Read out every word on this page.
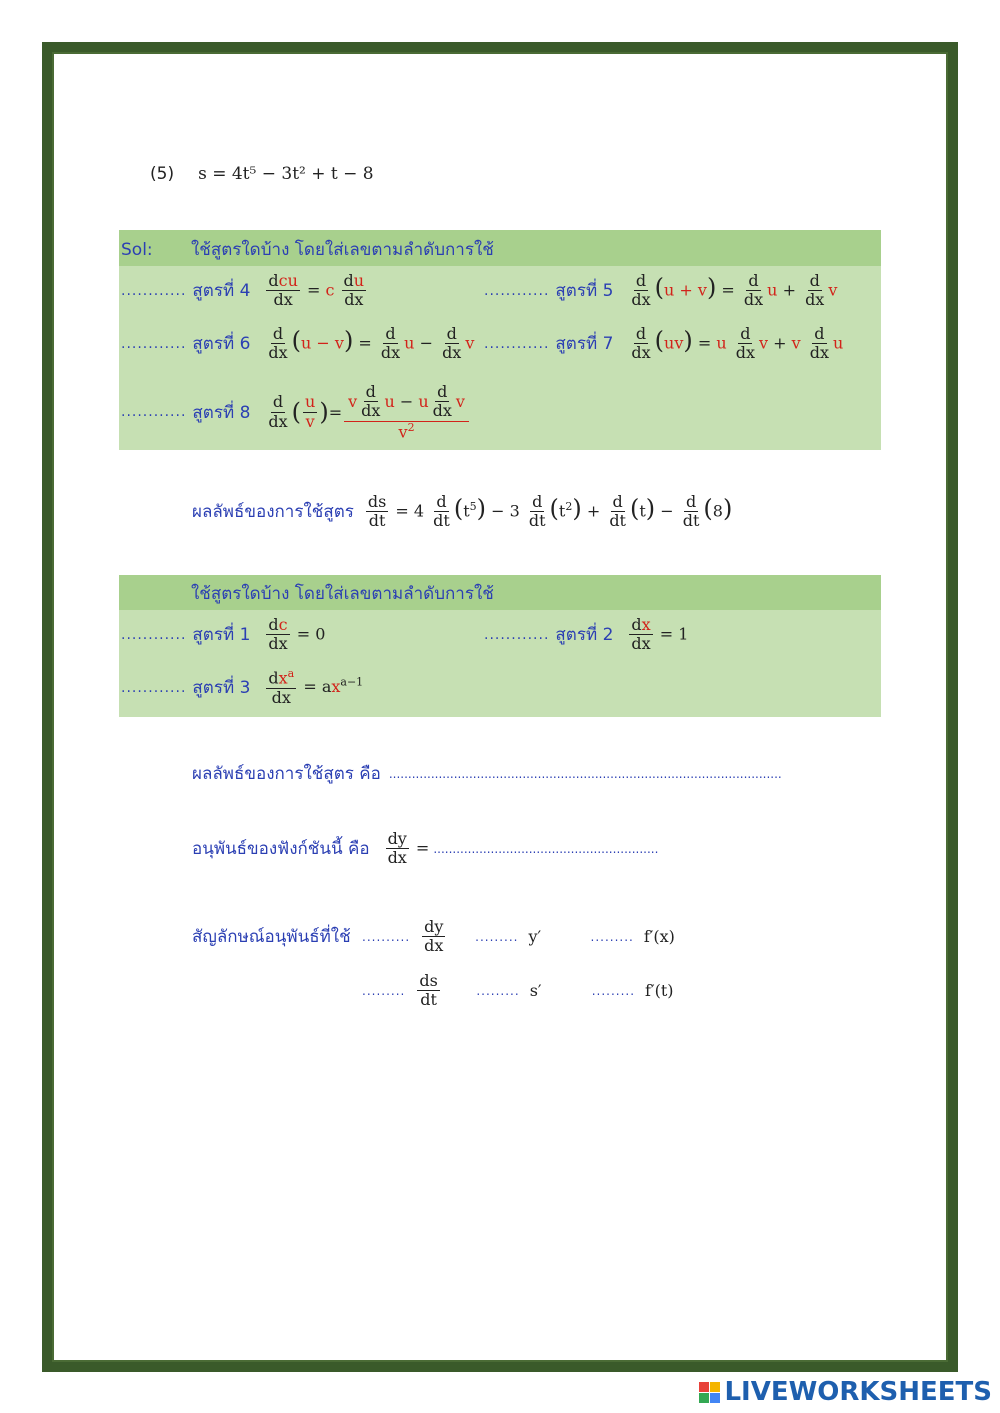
(5) s = 4t⁵ − 3t² + t − 8
Sol:	ใช้สูตรใดบ้าง โดยใส่เลขตามลำดับการใช้
............ สูตรที่ $4 \frac{\text{dcu}}{dx} = c \frac{du}{dx}$	............ สูตรที่ $5 \frac{d}{dx} (u + v) = \frac{d}{dx}$ $u + \frac{d}{dx}$ v
............ สูตรที่ $6 \frac{d}{dx} (u - v) = \frac{d}{dx}$ $u - \frac{d}{dx}$ v ............ สูตรที่ $7 \frac{d}{dx} (uv) = u \frac{d}{dx}$ v + v $\frac{d}{dx}$ u
............ สูตรที่ $8 \frac{d}{dx}$ ( $\frac{u}{v}$ ) = $\frac{v \frac{d}{dx} u - u \frac{d}{dx} v}{v^2}$
ผลลัพธ์ของการใช้สูตร $\frac{ds}{dt} = 4 \frac{d}{dt} (t^5) - 3 \frac{d}{dt} (t^2) + \frac{d}{dt} (t) - \frac{d}{dt} (8)$
ใช้สูตรใดบ้าง โดยใส่เลขตามลำดับการใช้
............ สูตรที่ $1 \frac{dc}{dx} = 0$	............ สูตรที่ $2 \frac{dx}{dx} = 1$
............ สูตรที่ $3 \frac{dx^a}{dx} = ax^{a-1}$
ผลลัพธ์ของการใช้สูตร คือ .......................................................................................................
อนุพันธ์ของฟังก์ชันนี้ คือ $\frac{dy}{dx}$ = ...........................................................
สัญลักษณ์อนุพันธ์ที่ใช้ .......... $\frac{dy}{dx}$ ......... y′	......... f′(x)
......... $\frac{ds}{dt}$	......... s′	......... f′(t)
LIVEWORKSHEETS
